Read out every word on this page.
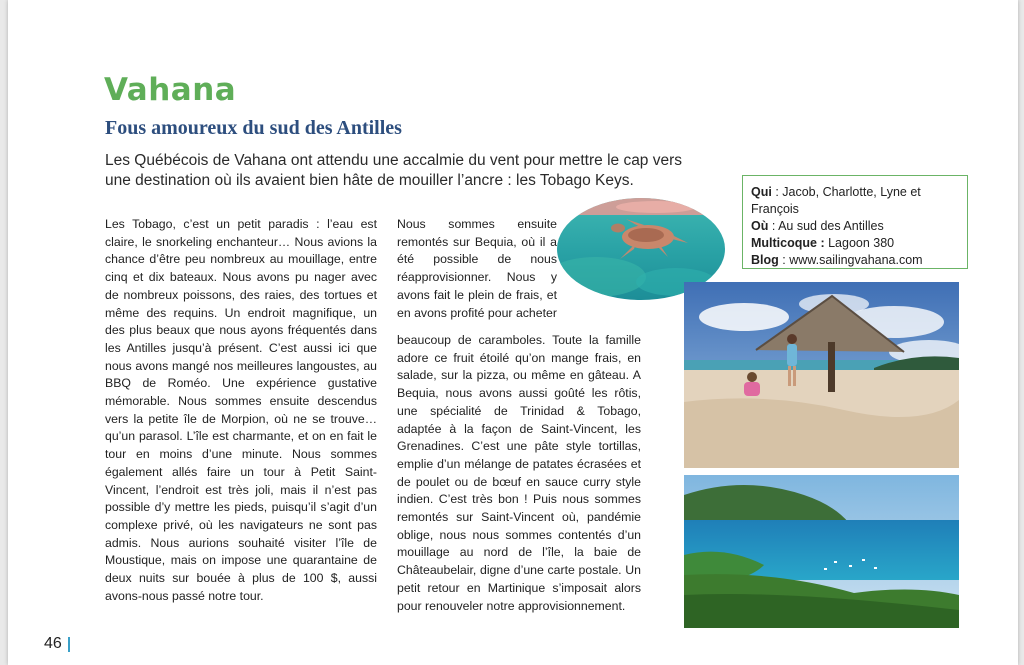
Vahana
Fous amoureux du sud des Antilles

Les Québécois de Vahana ont attendu une accalmie du vent pour mettre le cap vers une destination où ils avaient bien hâte de mouiller l’ancre : les Tobago Keys.

Qui : Jacob, Charlotte, Lyne et François
Où : Au sud des Antilles
Multicoque : Lagoon 380
Blog : www.sailingvahana.com

Les Tobago, c’est un petit paradis : l’eau est claire, le snorkeling enchanteur… Nous avions la chance d’être peu nombreux au mouillage, entre cinq et dix bateaux. Nous avons pu nager avec de nombreux poissons, des raies, des tortues et même des requins. Un endroit magnifique, un des plus beaux que nous ayons fréquentés dans les Antilles jusqu’à présent. C’est aussi ici que nous avons mangé nos meilleures langoustes, au BBQ de Roméo. Une expérience gustative mémorable. Nous sommes ensuite descendus vers la petite île de Morpion, où ne se trouve… qu’un parasol. L’île est charmante, et on en fait le tour en moins d’une minute. Nous sommes également allés faire un tour à Petit Saint-Vincent, l’endroit est très joli, mais il n’est pas possible d’y mettre les pieds, puisqu’il s’agit d’un complexe privé, où les navigateurs ne sont pas admis. Nous aurions souhaité visiter l’île de Moustique, mais on impose une quarantaine de deux nuits sur bouée à plus de 100 $, aussi avons-nous passé notre tour.

Nous sommes ensuite remontés sur Bequia, où il a été possible de nous réapprovisionner. Nous y avons fait le plein de frais, et en avons profité pour acheter

beaucoup de caramboles. Toute la famille adore ce fruit étoilé qu’on mange frais, en salade, sur la pizza, ou même en gâteau. A Bequia, nous avons aussi goûté les rôtis, une spécialité de Trinidad & Tobago, adaptée à la façon de Saint-Vincent, les Grenadines. C’est une pâte style tortillas, emplie d’un mélange de patates écrasées et de poulet ou de bœuf en sauce curry style indien. C’est très bon ! Puis nous sommes remontés sur Saint-Vincent où, pandémie oblige, nous nous sommes contentés d’un mouillage au nord de l’île, la baie de Châteaubelair, digne d’une carte postale. Un petit retour en Martinique s’imposait alors pour renouveler notre approvisionnement.

46
